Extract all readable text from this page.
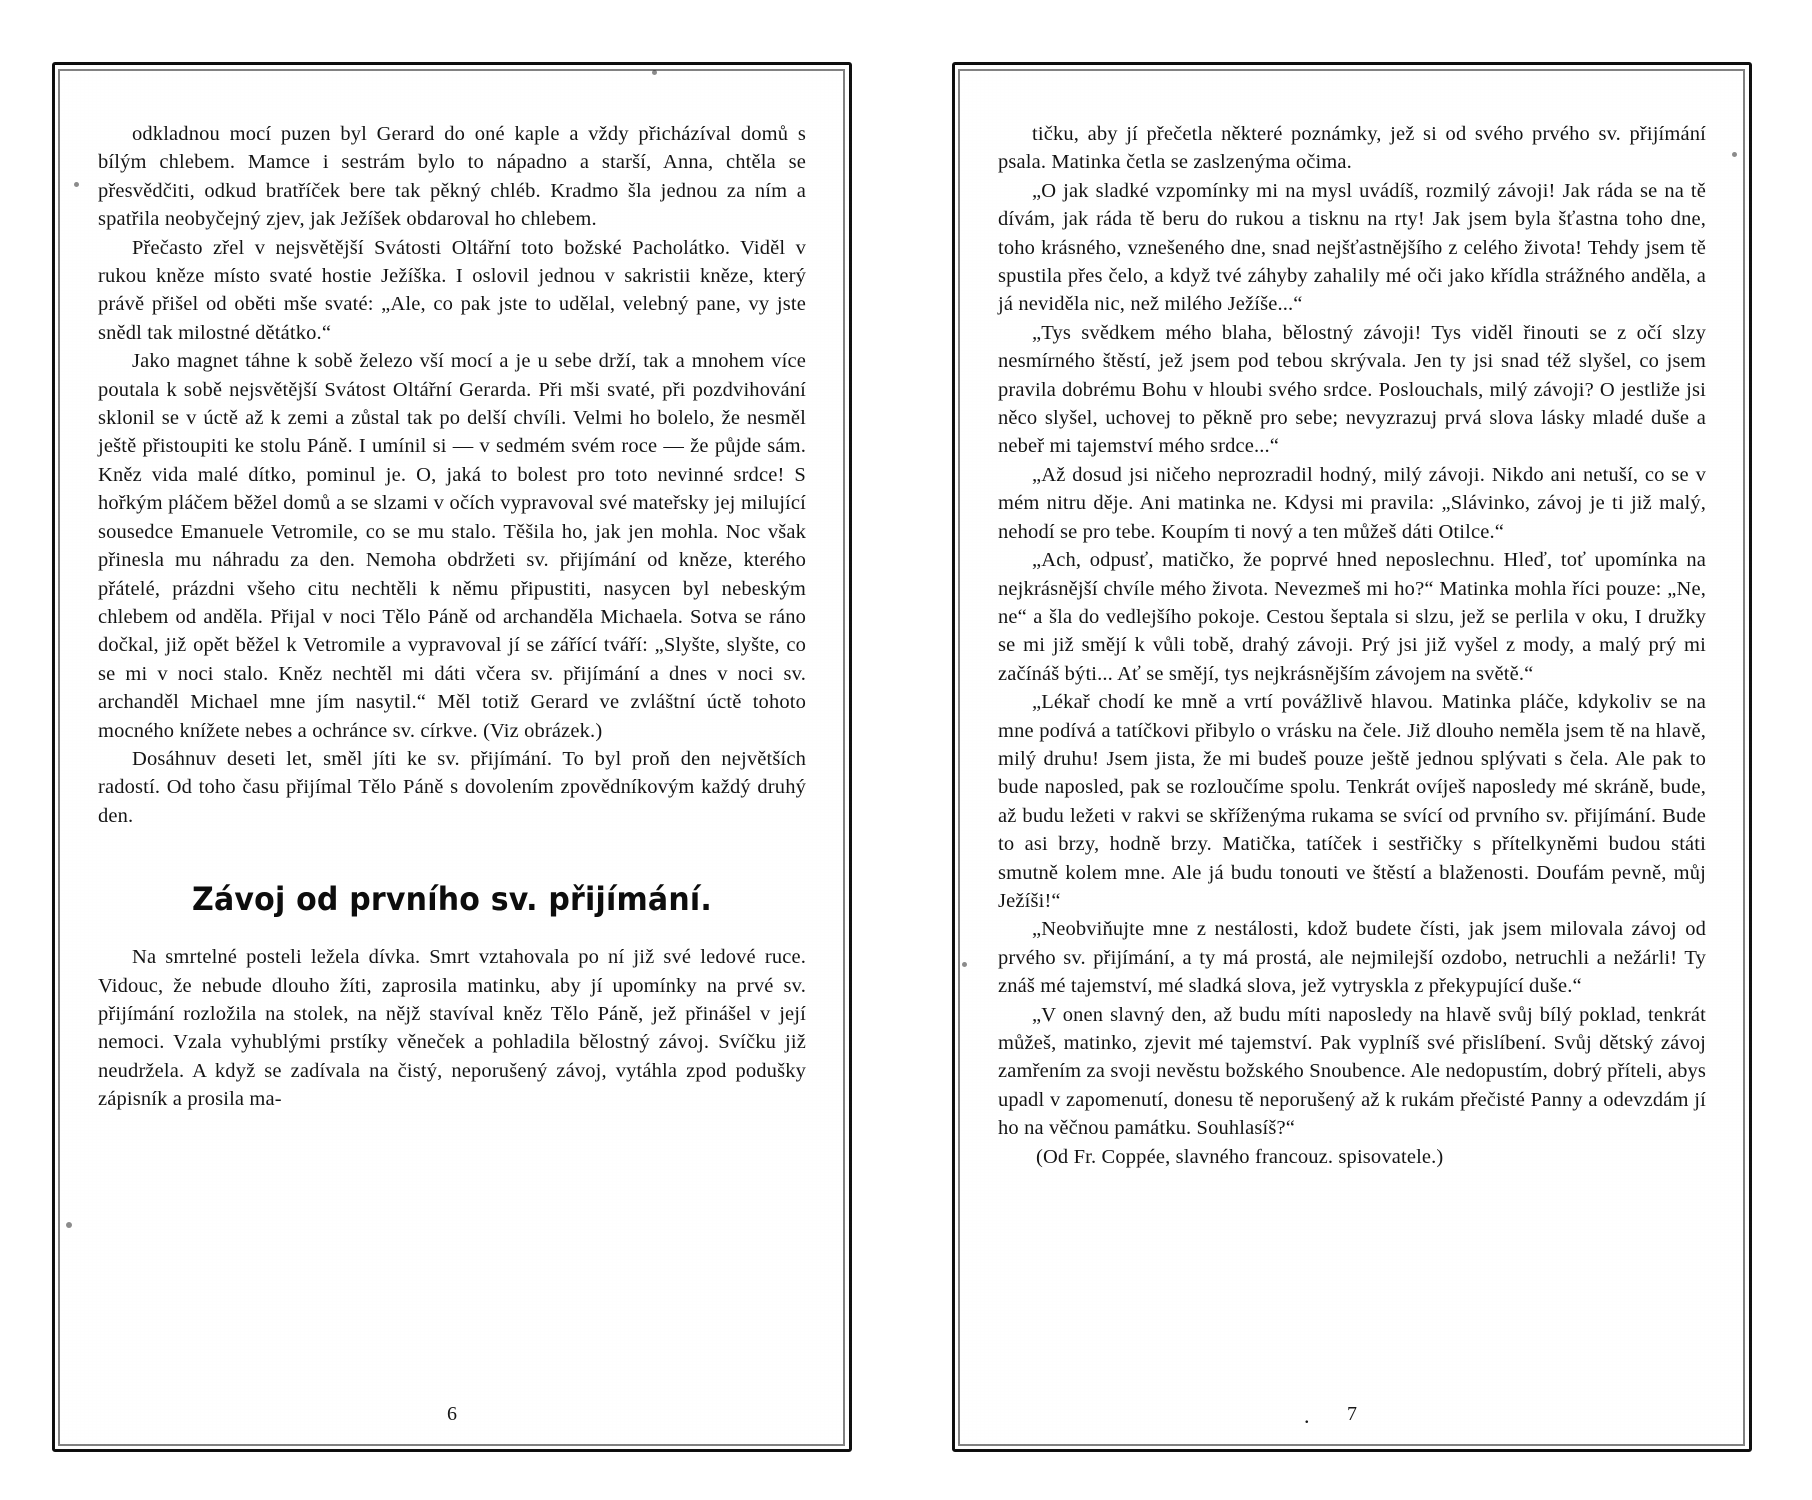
odkladnou mocí puzen byl Gerard do oné kaple a vždy přicházíval domů s bílým chlebem. Mamce i sestrám bylo to nápadno a starší, Anna, chtěla se přesvědčiti, odkud bratříček bere tak pěkný chléb. Kradmo šla jednou za ním a spatřila neobyčejný zjev, jak Ježíšek obdaroval ho chlebem.

Přečasto zřel v nejsvětější Svátosti Oltářní toto božské Pacholátko. Viděl v rukou kněze místo svaté hostie Ježíška. I oslovil jednou v sakristii kněze, který právě přišel od oběti mše svaté: „Ale, co pak jste to udělal, velebný pane, vy jste snědl tak milostné dětátko.“

Jako magnet táhne k sobě železo vší mocí a je u sebe drží, tak a mnohem více poutala k sobě nejsvětější Svátost Oltářní Gerarda. Při mši svaté, při pozdvihování sklonil se v úctě až k zemi a zůstal tak po delší chvíli. Velmi ho bolelo, že nesměl ještě přistoupiti ke stolu Páně. I umínil si — v sedmém svém roce — že půjde sám. Kněz vida malé dítko, pominul je. O, jaká to bolest pro toto nevinné srdce! S hořkým pláčem běžel domů a se slzami v očích vypravoval své mateřsky jej milující sousedce Emanuele Vetromile, co se mu stalo. Těšila ho, jak jen mohla. Noc však přinesla mu náhradu za den. Nemoha obdržeti sv. přijímání od kněze, kterého přátelé, prázdni všeho citu nechtěli k němu připustiti, nasycen byl nebeským chlebem od anděla. Přijal v noci Tělo Páně od archanděla Michaela. Sotva se ráno dočkal, již opět běžel k Vetromile a vypravoval jí se zářící tváří: „Slyšte, slyšte, co se mi v noci stalo. Kněz nechtěl mi dáti včera sv. přijímání a dnes v noci sv. archanděl Michael mne jím nasytil.“ Měl totiž Gerard ve zvláštní úctě tohoto mocného knížete nebes a ochránce sv. církve. (Viz obrázek.)

Dosáhnuv deseti let, směl jíti ke sv. přijímání. To byl proň den největších radostí. Od toho času přijímal Tělo Páně s dovolením zpovědníkovým každý druhý den.

Závoj od prvního sv. přijímání.

Na smrtelné posteli ležela dívka. Smrt vztahovala po ní již své ledové ruce. Vidouc, že nebude dlouho žíti, zaprosila matinku, aby jí upomínky na prvé sv. přijímání rozložila na stolek, na nějž stavíval kněz Tělo Páně, jež přinášel v její nemoci. Vzala vyhublými prstíky věneček a pohladila bělostný závoj. Svíčku již neudržela. A když se zadívala na čistý, neporušený závoj, vytáhla zpod podušky zápisník a prosila ma-

6

tičku, aby jí přečetla některé poznámky, jež si od svého prvého sv. přijímání psala. Matinka četla se zaslzenýma očima.

„O jak sladké vzpomínky mi na mysl uvádíš, rozmilý závoji! Jak ráda se na tě dívám, jak ráda tě beru do rukou a tisknu na rty! Jak jsem byla šťastna toho dne, toho krásného, vznešeného dne, snad nejšťastnějšího z celého života! Tehdy jsem tě spustila přes čelo, a když tvé záhyby zahalily mé oči jako křídla strážného anděla, a já neviděla nic, než milého Ježíše...“

„Tys svědkem mého blaha, bělostný závoji! Tys viděl řinouti se z očí slzy nesmírného štěstí, jež jsem pod tebou skrývala. Jen ty jsi snad též slyšel, co jsem pravila dobrému Bohu v hloubi svého srdce. Poslouchals, milý závoji? O jestliže jsi něco slyšel, uchovej to pěkně pro sebe; nevyzrazuj prvá slova lásky mladé duše a nebeř mi tajemství mého srdce...“

„Až dosud jsi ničeho neprozradil hodný, milý závoji. Nikdo ani netuší, co se v mém nitru děje. Ani matinka ne. Kdysi mi pravila: „Slávinko, závoj je ti již malý, nehodí se pro tebe. Koupím ti nový a ten můžeš dáti Otilce.“

„Ach, odpusť, matičko, že poprvé hned neposlechnu. Hleď, toť upomínka na nejkrásnější chvíle mého života. Nevezmeš mi ho?“ Matinka mohla říci pouze: „Ne, ne“ a šla do vedlejšího pokoje. Cestou šeptala si slzu, jež se perlila v oku, I družky se mi již smějí k vůli tobě, drahý závoji. Prý jsi již vyšel z mody, a malý prý mi začínáš býti... Ať se smějí, tys nejkrásnějším závojem na světě.“

„Lékař chodí ke mně a vrtí povážlivě hlavou. Matinka pláče, kdykoliv se na mne podívá a tatíčkovi přibylo o vrásku na čele. Již dlouho neměla jsem tě na hlavě, milý druhu! Jsem jista, že mi budeš pouze ještě jednou splývati s čela. Ale pak to bude naposled, pak se rozloučíme spolu. Tenkrát ovíješ naposledy mé skráně, bude, až budu ležeti v rakvi se skříženýma rukama se svící od prvního sv. přijímání. Bude to asi brzy, hodně brzy. Matička, tatíček i sestřičky s přítelkyněmi budou státi smutně kolem mne. Ale já budu tonouti ve štěstí a blaženosti. Doufám pevně, můj Ježíši!“

„Neobviňujte mne z nestálosti, kdož budete čísti, jak jsem milovala závoj od prvého sv. přijímání, a ty má prostá, ale nejmilejší ozdobo, netruchli a nežárli! Ty znáš mé tajemství, mé sladká slova, jež vytryskla z překypující duše.“

„V onen slavný den, až budu míti naposledy na hlavě svůj bílý poklad, tenkrát můžeš, matinko, zjevit mé tajemství. Pak vyplníš své přislíbení. Svůj dětský závoj zamřením za svoji nevěstu božského Snoubence. Ale nedopustím, dobrý příteli, abys upadl v zapomenutí, donesu tě neporušený až k rukám přečisté Panny a odevzdám jí ho na věčnou památku. Souhlasíš?“

(Od Fr. Coppée, slavného francouz. spisovatele.)

. 7
